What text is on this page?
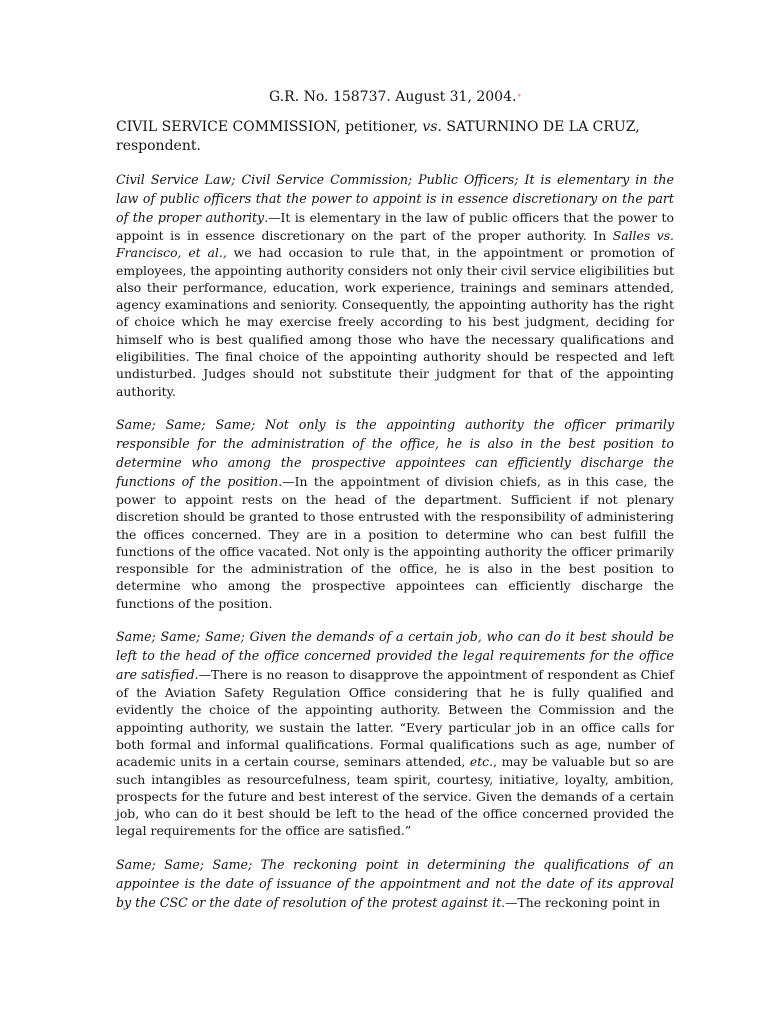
G.R. No. 158737. August 31, 2004.*
CIVIL SERVICE COMMISSION, petitioner, vs. SATURNINO DE LA CRUZ, respondent.

Civil Service Law; Civil Service Commission; Public Officers; It is elementary in the law of public officers that the power to appoint is in essence discretionary on the part of the proper authority.—It is elementary in the law of public officers that the power to appoint is in essence discretionary on the part of the proper authority. In Salles vs. Francisco, et al., we had occasion to rule that, in the appointment or promotion of employees, the appointing authority considers not only their civil service eligibilities but also their performance, education, work experience, trainings and seminars attended, agency examinations and seniority. Consequently, the appointing authority has the right of choice which he may exercise freely according to his best judgment, deciding for himself who is best qualified among those who have the necessary qualifications and eligibilities. The final choice of the appointing authority should be respected and left undisturbed. Judges should not substitute their judgment for that of the appointing authority.

Same; Same; Same; Not only is the appointing authority the officer primarily responsible for the administration of the office, he is also in the best position to determine who among the prospective appointees can efficiently discharge the functions of the position.—In the appointment of division chiefs, as in this case, the power to appoint rests on the head of the department. Sufficient if not plenary discretion should be granted to those entrusted with the responsibility of administering the offices concerned. They are in a position to determine who can best fulfill the functions of the office vacated. Not only is the appointing authority the officer primarily responsible for the administration of the office, he is also in the best position to determine who among the prospective appointees can efficiently discharge the functions of the position.

Same; Same; Same; Given the demands of a certain job, who can do it best should be left to the head of the office concerned provided the legal requirements for the office are satisfied.—There is no reason to disapprove the appointment of respondent as Chief of the Aviation Safety Regulation Office considering that he is fully qualified and evidently the choice of the appointing authority. Between the Commission and the appointing authority, we sustain the latter. “Every particular job in an office calls for both formal and informal qualifications. Formal qualifications such as age, number of academic units in a certain course, seminars attended, etc., may be valuable but so are such intangibles as resourcefulness, team spirit, courtesy, initiative, loyalty, ambition, prospects for the future and best interest of the service. Given the demands of a certain job, who can do it best should be left to the head of the office concerned provided the legal requirements for the office are satisfied.”

Same; Same; Same; The reckoning point in determining the qualifications of an appointee is the date of issuance of the appointment and not the date of its approval by the CSC or the date of resolution of the protest against it.—The reckoning point in
